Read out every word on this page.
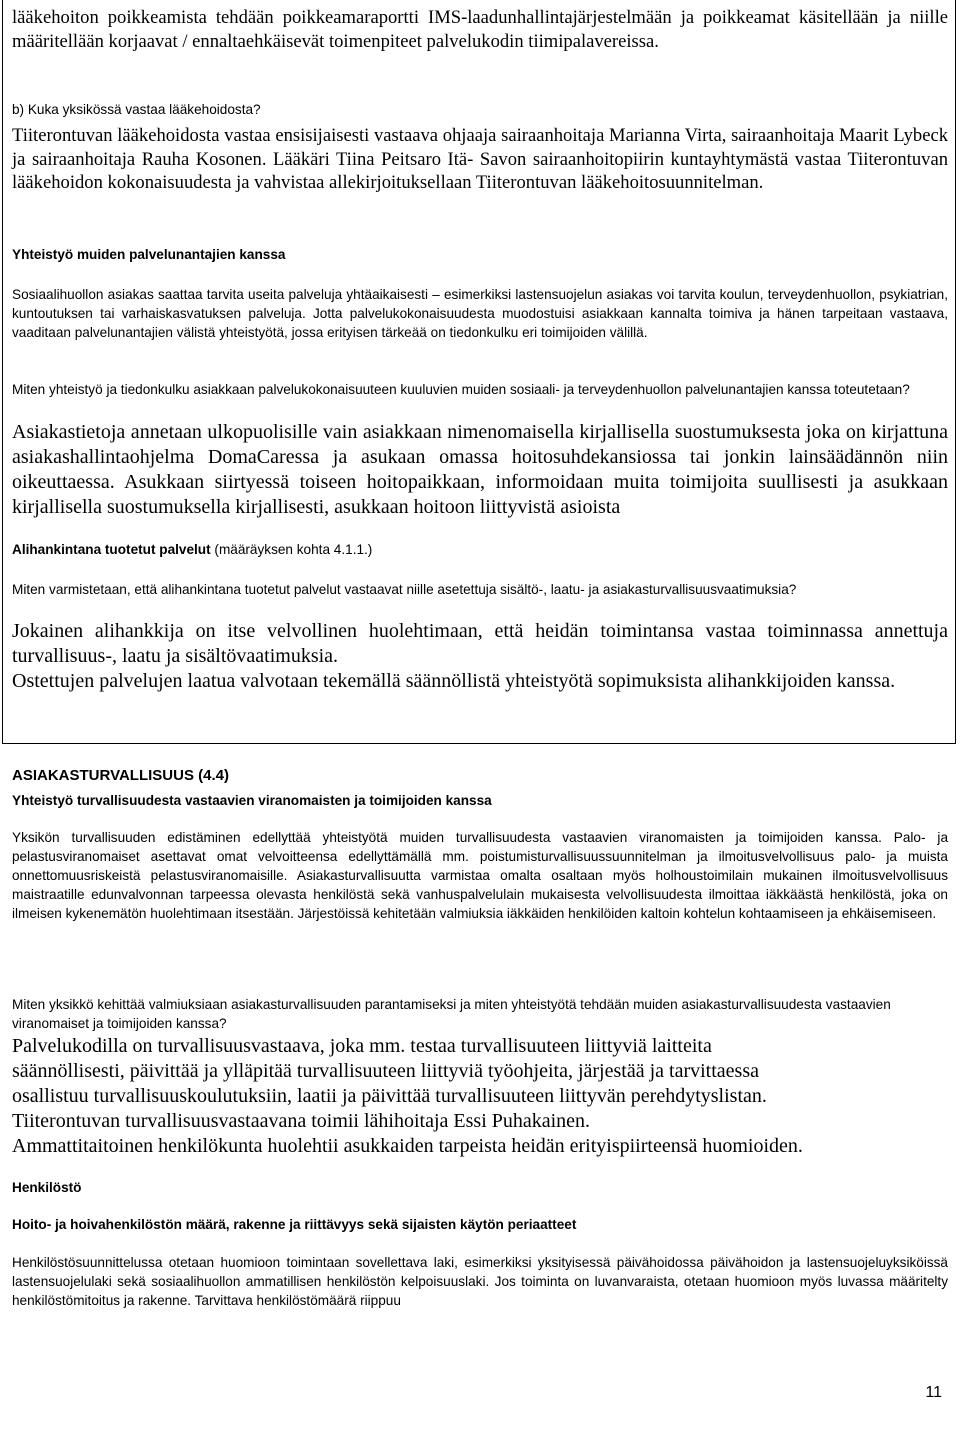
lääkehoiton poikkeamista tehdään poikkeamaraportti IMS-laadunhallintajärjestelmään ja poikkeamat käsitellään ja niille määritellään korjaavat / ennaltaehkäisevät toimenpiteet palvelukodin tiimipalavereissa.

b) Kuka yksikössä vastaa lääkehoidosta?

Tiiterontuvan lääkehoidosta vastaa ensisijaisesti vastaava ohjaaja sairaanhoitaja Marianna Virta, sairaanhoitaja Maarit Lybeck ja sairaanhoitaja Rauha Kosonen. Lääkäri Tiina Peitsaro Itä- Savon sairaanhoitopiirin kuntayhtymästä vastaa Tiiterontuvan lääkehoidon kokonaisuudesta ja vahvistaa allekirjoituksellaan Tiiterontuvan lääkehoitosuunnitelman.

Yhteistyö muiden palvelunantajien kanssa

Sosiaalihuollon asiakas saattaa tarvita useita palveluja yhtäaikaisesti – esimerkiksi lastensuojelun asiakas voi tarvita koulun, terveydenhuollon, psykiatrian, kuntoutuksen tai varhaiskasvatuksen palveluja. Jotta palvelukokonaisuudesta muodostuisi asiakkaan kannalta toimiva ja hänen tarpeitaan vastaava, vaaditaan palvelunantajien välistä yhteistyötä, jossa erityisen tärkeää on tiedonkulku eri toimijoiden välillä.

Miten yhteistyö ja tiedonkulku asiakkaan palvelukokonaisuuteen kuuluvien muiden sosiaali- ja terveydenhuollon palvelunantajien kanssa toteutetaan?

Asiakastietoja annetaan ulkopuolisille vain asiakkaan nimenomaisella kirjallisella suostumuksesta joka on kirjattuna asiakashallintaohjelma DomaCaressa ja asukaan omassa hoitosuhdekansiossa tai jonkin lainsäädännön niin oikeuttaessa. Asukkaan siirtyessä toiseen hoitopaikkaan, informoidaan muita toimijoita suullisesti ja asukkaan kirjallisella suostumuksella kirjallisesti, asukkaan hoitoon liittyvistä asioista

Alihankintana tuotetut palvelut (määräyksen kohta 4.1.1.)

Miten varmistetaan, että alihankintana tuotetut palvelut vastaavat niille asetettuja sisältö-, laatu- ja asiakasturvallisuusvaatimuksia?

Jokainen alihankkija on itse velvollinen huolehtimaan, että heidän toimintansa vastaa toiminnassa annettuja turvallisuus-, laatu ja sisältövaatimuksia.

Ostettujen palvelujen laatua valvotaan tekemällä säännöllistä yhteistyötä sopimuksista alihankkijoiden kanssa.

ASIAKASTURVALLISUUS (4.4)

Yhteistyö turvallisuudesta vastaavien viranomaisten ja toimijoiden kanssa

Yksikön turvallisuuden edistäminen edellyttää yhteistyötä muiden turvallisuudesta vastaavien viranomaisten ja toimijoiden kanssa. Palo- ja pelastusviranomaiset asettavat omat velvoitteensa edellyttämällä mm. poistumisturvallisuussuunnitelman ja ilmoitusvelvollisuus palo- ja muista onnettomuusriskeistä pelastusviranomaisille. Asiakasturvallisuutta varmistaa omalta osaltaan myös holhoustoimilain mukainen ilmoitusvelvollisuus maistraatille edunvalvonnan tarpeessa olevasta henkilöstä sekä vanhuspalvelulain mukaisesta velvollisuudesta ilmoittaa iäkkäästä henkilöstä, joka on ilmeisen kykenemätön huolehtimaan itsestään. Järjestöissä kehitetään valmiuksia iäkkäiden henkilöiden kaltoin kohtelun kohtaamiseen ja ehkäisemiseen.

Miten yksikkö kehittää valmiuksiaan asiakasturvallisuuden parantamiseksi ja miten yhteistyötä tehdään muiden asiakasturvallisuudesta vastaavien viranomaiset ja toimijoiden kanssa?

Palvelukodilla on turvallisuusvastaava, joka mm. testaa turvallisuuteen liittyviä laitteita säännöllisesti, päivittää ja ylläpitää turvallisuuteen liittyviä työohjeita, järjestää ja tarvittaessa osallistuu turvallisuuskoulutuksiin, laatii ja päivittää turvallisuuteen liittyvän perehdytyslistan. Tiiterontuvan turvallisuusvastaavana toimii lähihoitaja Essi Puhakainen.

Ammattitaitoinen henkilökunta huolehtii asukkaiden tarpeista heidän erityispiirteensä huomioiden.

Henkilöstö

Hoito- ja hoivahenkilöstön määrä, rakenne ja riittävyys sekä sijaisten käytön periaatteet

Henkilöstösuunnittelussa otetaan huomioon toimintaan sovellettava laki, esimerkiksi yksityisessä päivähoidossa päivähoidon ja lastensuojeluyksiköissä lastensuojelulaki sekä sosiaalihuollon ammatillisen henkilöstön kelpoisuuslaki. Jos toiminta on luvanvaraista, otetaan huomioon myös luvassa määritelty henkilöstömitoitus ja rakenne. Tarvittava henkilöstömäärä riippuu

11
